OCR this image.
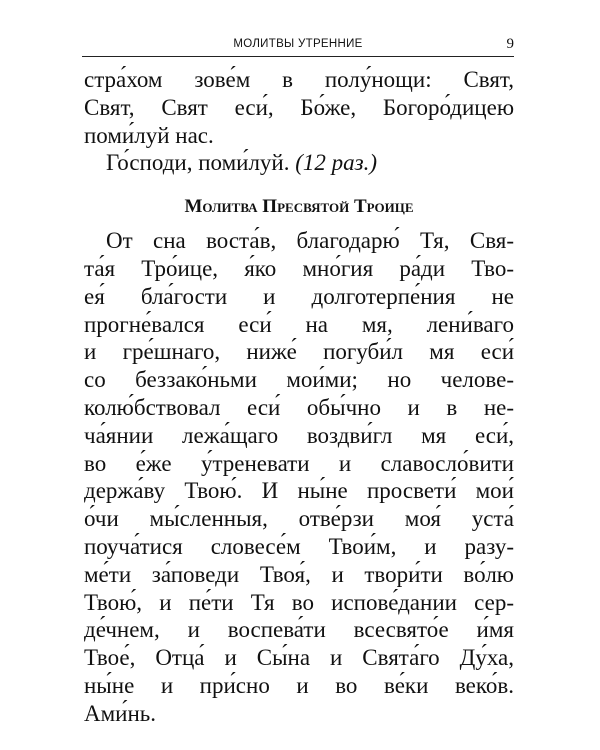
МОЛИТВЫ УТРЕННИЕ	9
стра́хом зове́м в полу́нощи: Свят,
Свят, Свят еси́, Бо́же, Богоро́дицею
поми́луй нас.
Го́споди, поми́луй. (12 раз.)
Молитва Пресвятой Троице
От сна воста́в, благодарю́ Тя, Свя-
та́я Тро́ице, я́ко мно́гия ра́ди Тво-
ея́ бла́гости и долготерпе́ния не
прогне́вался еси́ на мя, лени́ваго
и гре́шнаго, ниже́ погуби́л мя еси́
со беззако́ньми мои́ми; но челове-
колю́бствовал еси́ обы́чно и в не-
ча́янии лежа́щаго воздви́гл мя еси́,
во е́же у́треневати и славосло́вити
держа́ву Твою́. И ны́не просвети́ мои́
о́чи мы́сленныя, отве́рзи моя́ уста́
поуча́тися словесе́м Твои́м, и разу-
ме́ти за́поведи Твоя́, и твори́ти во́лю
Твою́, и пе́ти Тя во испове́дании сер-
де́чнем, и воспева́ти всесвято́е и́мя
Твое́, Отца́ и Сы́на и Свята́го Ду́ха,
ны́не и при́сно и во ве́ки веко́в.
Ами́нь.
